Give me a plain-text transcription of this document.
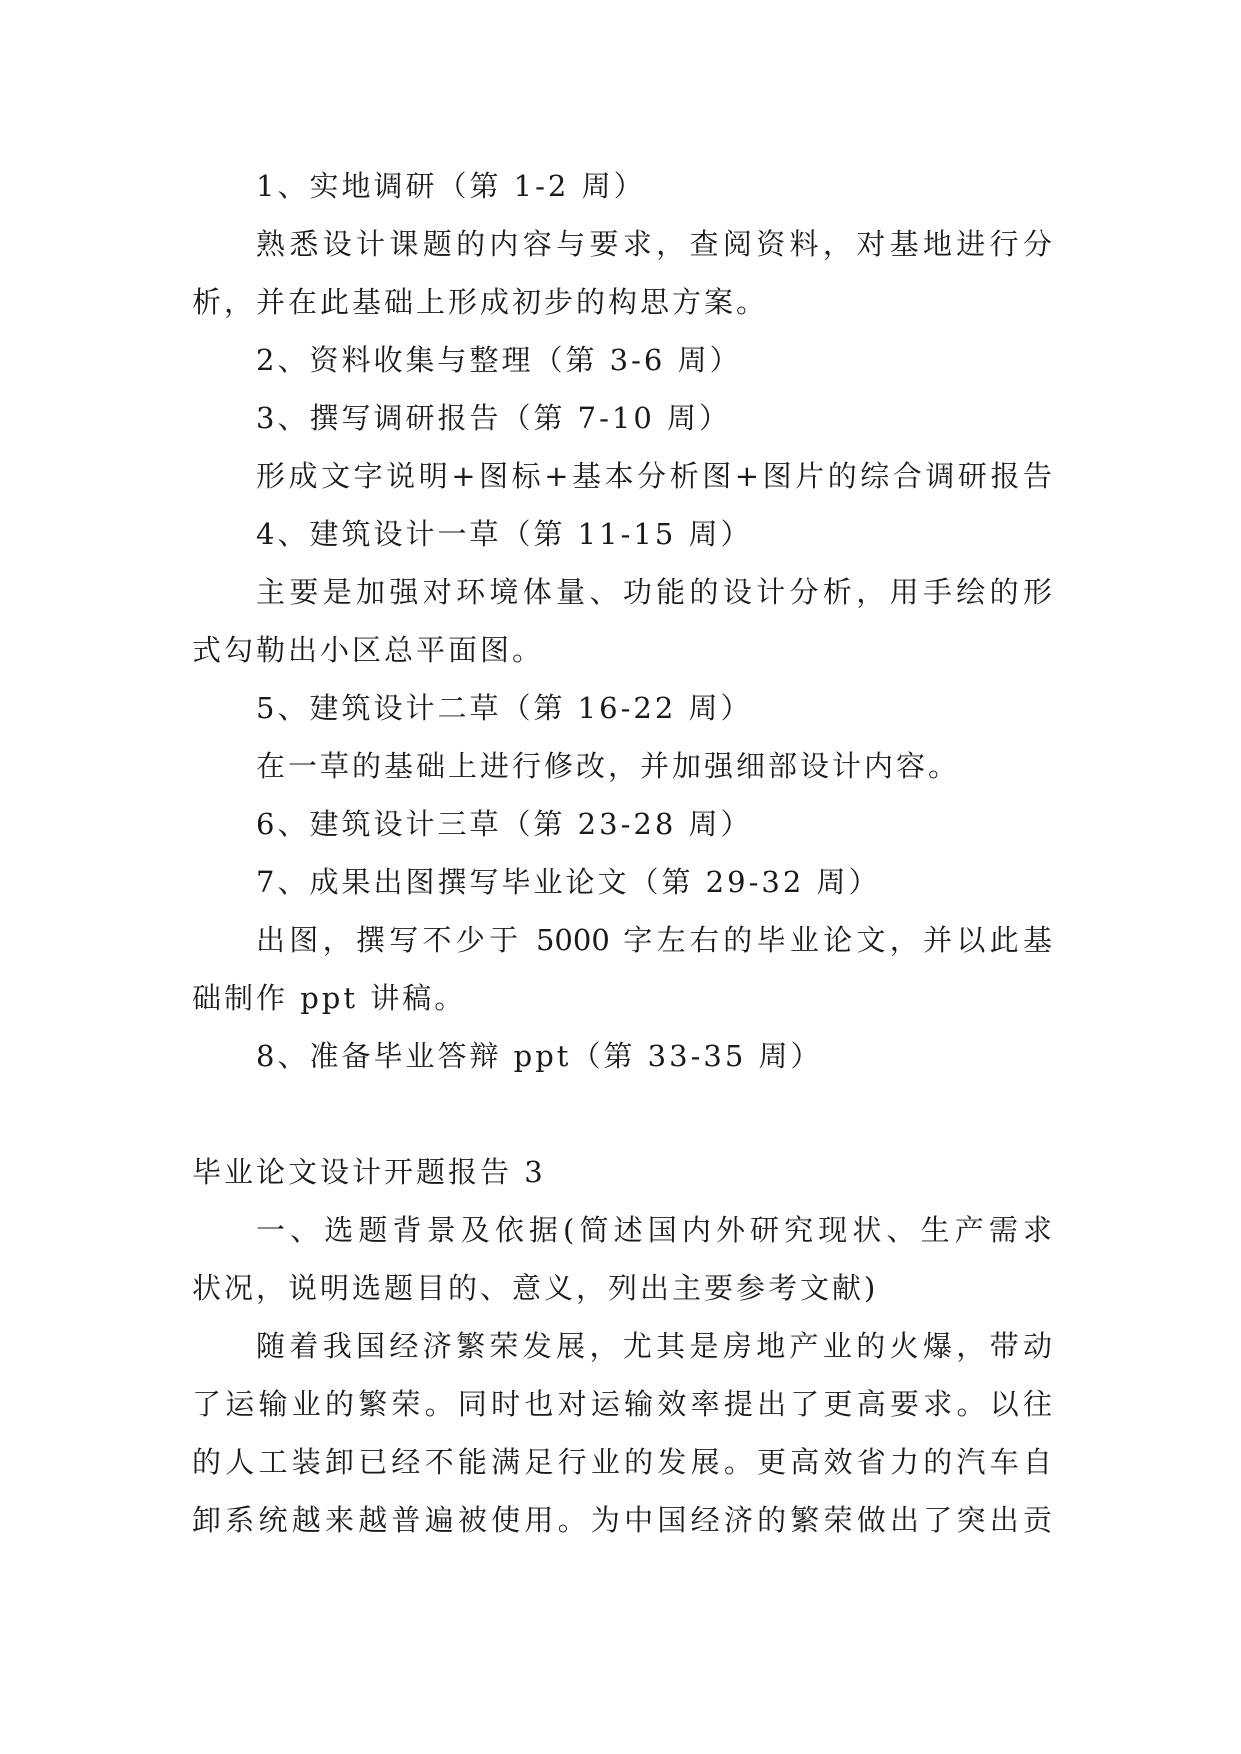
1、实地调研（第 1-2 周）
熟悉设计课题的内容与要求，查阅资料，对基地进行分
析，并在此基础上形成初步的构思方案。
2、资料收集与整理（第 3-6 周）
3、撰写调研报告（第 7-10 周）
形成文字说明+图标+基本分析图+图片的综合调研报告
4、建筑设计一草（第 11-15 周）
主要是加强对环境体量、功能的设计分析，用手绘的形
式勾勒出小区总平面图。
5、建筑设计二草（第 16-22 周）
在一草的基础上进行修改，并加强细部设计内容。
6、建筑设计三草（第 23-28 周）
7、成果出图撰写毕业论文（第 29-32 周）
出图，撰写不少于 5000 字左右的毕业论文，并以此基
础制作 ppt 讲稿。
8、准备毕业答辩 ppt（第 33-35 周）
毕业论文设计开题报告 3
一、选题背景及依据(简述国内外研究现状、生产需求
状况，说明选题目的、意义，列出主要参考文献)
随着我国经济繁荣发展，尤其是房地产业的火爆，带动
了运输业的繁荣。同时也对运输效率提出了更高要求。以往
的人工装卸已经不能满足行业的发展。更高效省力的汽车自
卸系统越来越普遍被使用。为中国经济的繁荣做出了突出贡
